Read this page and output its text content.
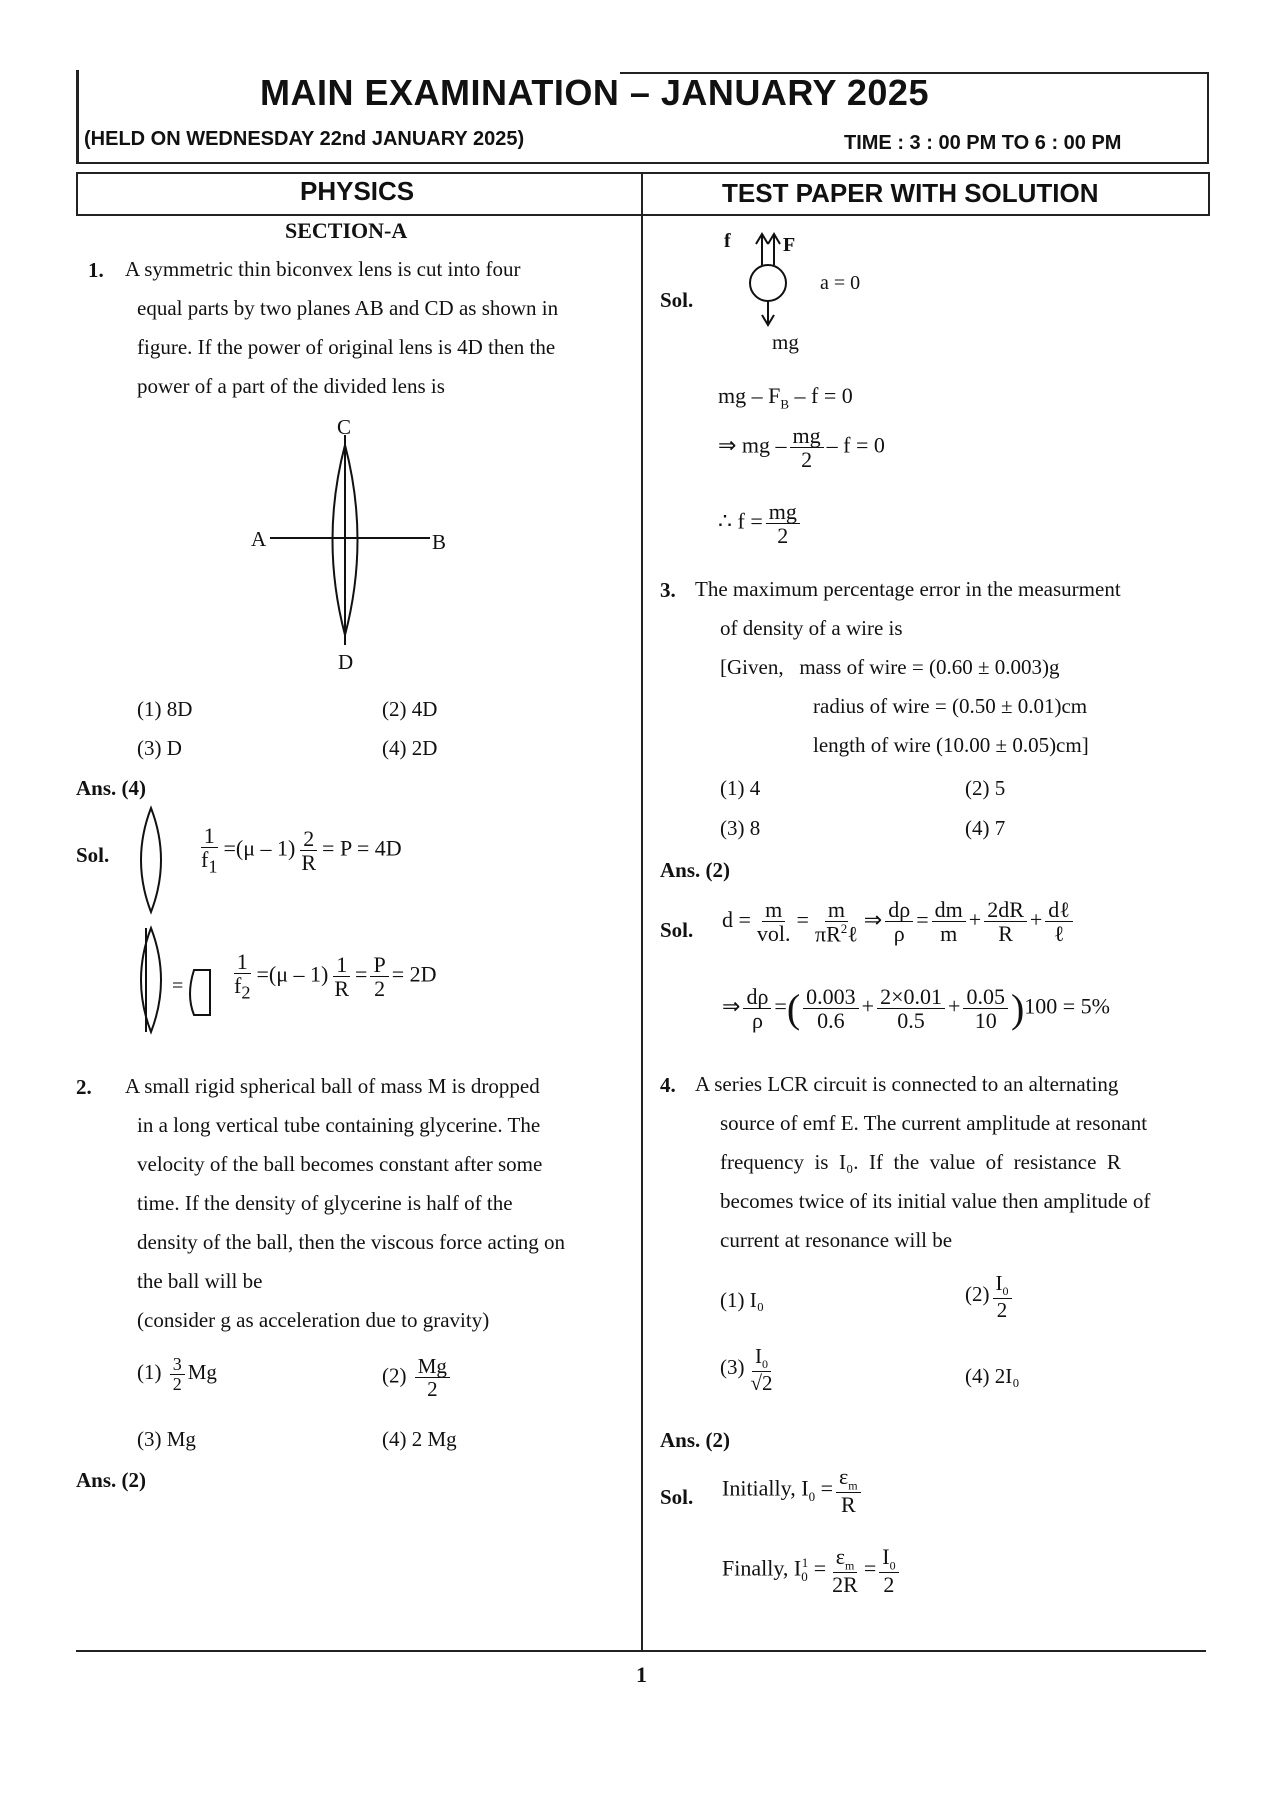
MAIN EXAMINATION – JANUARY 2025
(HELD ON WEDNESDAY 22nd JANUARY 2025)	TIME : 3 : 00 PM TO 6 : 00 PM
PHYSICS	TEST PAPER WITH SOLUTION
SECTION-A
1. A symmetric thin biconvex lens is cut into four
equal parts by two planes AB and CD as shown in
figure. If the power of original lens is 4D then the
power of a part of the divided lens is
C
A	B
D
(1) 8D	(2) 4D
(3) D	(4) 2D
Ans. (4)
Sol.	$\frac{1}{f_1} =(\mu - 1) \frac{2}{R} = P = 4D$
= $\frac{1}{f_2} =(\mu - 1) \frac{1}{R} = \frac{P}{2} = 2D$
2. A small rigid spherical ball of mass M is dropped
in a long vertical tube containing glycerine. The
velocity of the ball becomes constant after some
time. If the density of glycerine is half of the
density of the ball, then the viscous force acting on
the ball will be
(consider g as acceleration due to gravity)
$(1) \frac{3}{2}$ Mg	$(2) \frac{Mg}{2}$
(3) Mg	(4) 2 Mg
Ans. (2)
Sol.
f	F
a = 0
mg
mg – $F_B - f = 0$
⇒ mg – $\frac{mg}{2} - f = 0$
∴ $f = \frac{mg}{2}$
3. The maximum percentage error in the measurment
of density of a wire is
[Given,   mass of wire = (0.60 ± 0.003)g
radius of wire = (0.50 ± 0.01)cm
length of wire (10.00 ± 0.05)cm]
(1) 4	(2) 5
(3) 8	(4) 7
Ans. (2)
Sol. $d = \frac{m}{\text{vol.}} = \frac{m}{\pi R^2\ell}$ ⇒ $\frac{d\rho}{\rho} = \frac{dm}{m} + \frac{2dR}{R} + \frac{\text{dℓ}}{\text{ℓ}}$
⇒ $\frac{d\rho}{\rho}$ =( $\frac{0.003}{0.6} + \frac{2\times 0.01}{0.5} + \frac{0.05}{10} )100 = 5\%$
4. A series LCR circuit is connected to an alternating
source of emf E. The current amplitude at resonant
frequency  is  I₀.  If  the  value  of  resistance  R
becomes twice of its initial value then amplitude of
current at resonance will be
(1) I₀	$(2) \frac{I_0}{2}$
$(3) \frac{I_0}{√2}$	(4) 2I₀
Ans. (2)
Sol. Initially, $I_0 = \frac{\varepsilon_m}{R}$
Finally, $I_0^1 = \frac{\varepsilon_m}{2R} = \frac{I_0}{2}$
1
